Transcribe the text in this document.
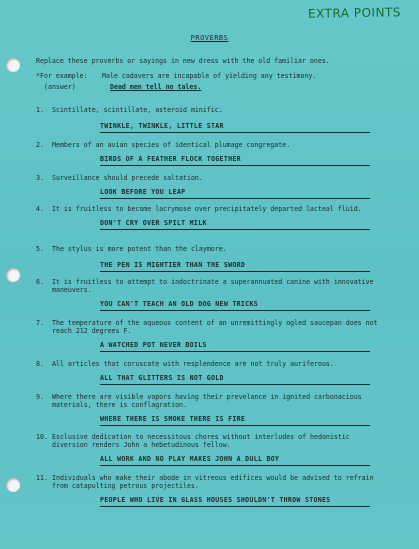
EXTRA POINTS
PROVERBS
Replace these proverbs or sayings in new dress with the old familiar ones.
*For example:	Male cadavers are incapable of yielding any testimony.
(answer)	Dead men tell no tales.
1.	Scintillate, scintillate, asteroid minific.
TWINKLE, TWINKLE, LITTLE STAR
2.	Members of an avian species of identical plumage congregate.
BIRDS OF A FEATHER FLOCK TOGETHER
3.	Surveillance should precede saltation.
LOOK BEFORE YOU LEAP
4.	It is fruitless to become lacrymose over precipitately departed lacteal fluid.
DON'T CRY OVER SPILT MILK
5.	The stylus is more potent than the claymore.
THE PEN IS MIGHTIER THAN THE SWORD
6.	It is fruitless to attempt to indoctrinate a superannuated canine with innovative maneuvers.
YOU CAN'T TEACH AN OLD DOG NEW TRICKS
7.	The temperature of the aqueous content of an unremittingly ogled saucepan does not reach 212 degrees F.
A WATCHED POT NEVER BOILS
8.	All articles that coruscate with resplendence are not truly auriferous.
ALL THAT GLITTERS IS NOT GOLD
9.	Where there are visible vapors having their prevelance in ignited carbonacious materials, there is conflagration.
WHERE THERE IS SMOKE THERE IS FIRE
10. Esclusive dedication to necessitous chores without interludes of hedonistic diversion renders John a hebetudinous fellow.
ALL WORK AND NO PLAY MAKES JOHN A DULL BOY
11. Individuals who make their abode in vitreous edifices would be advised to refrain from catapulting petrous projectiles.
PEOPLE WHO LIVE IN GLASS HOUSES SHOULDN'T THROW STONES
